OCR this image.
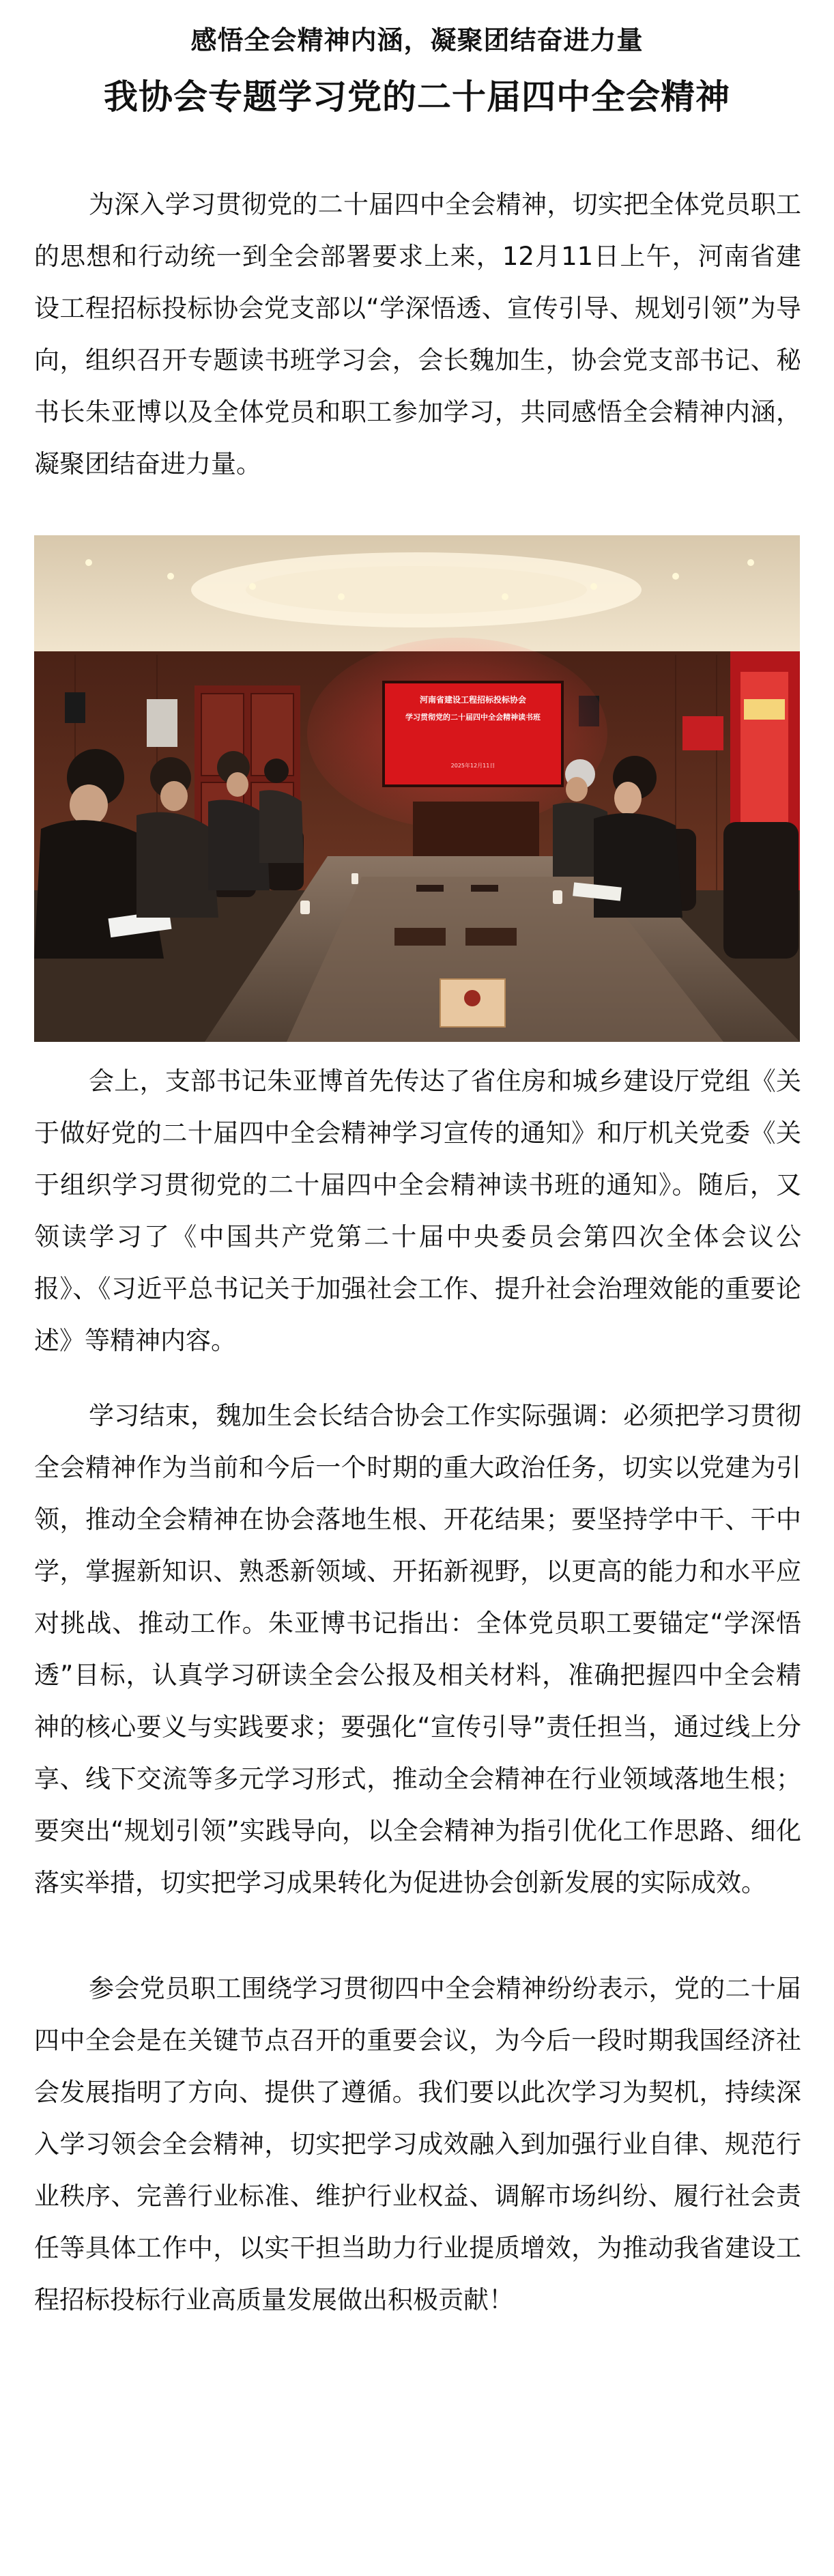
感悟全会精神内涵，凝聚团结奋进力量
我协会专题学习党的二十届四中全会精神

为深入学习贯彻党的二十届四中全会精神，切实把全体党员职工的思想和行动统一到全会部署要求上来，12月11日上午，河南省建设工程招标投标协会党支部以“学深悟透、宣传引导、规划引领”为导向，组织召开专题读书班学习会，会长魏加生，协会党支部书记、秘书长朱亚博以及全体党员和职工参加学习，共同感悟全会精神内涵，凝聚团结奋进力量。

河南省建设工程招标投标协会
学习贯彻党的二十届四中全会精神读书班
2025年12月11日

会上，支部书记朱亚博首先传达了省住房和城乡建设厅党组《关于做好党的二十届四中全会精神学习宣传的通知》和厅机关党委《关于组织学习贯彻党的二十届四中全会精神读书班的通知》。随后，又领读学习了《中国共产党第二十届中央委员会第四次全体会议公报》、《习近平总书记关于加强社会工作、提升社会治理效能的重要论述》等精神内容。

学习结束，魏加生会长结合协会工作实际强调：必须把学习贯彻全会精神作为当前和今后一个时期的重大政治任务，切实以党建为引领，推动全会精神在协会落地生根、开花结果；要坚持学中干、干中学，掌握新知识、熟悉新领域、开拓新视野，以更高的能力和水平应对挑战、推动工作。朱亚博书记指出：全体党员职工要锚定“学深悟透”目标，认真学习研读全会公报及相关材料，准确把握四中全会精神的核心要义与实践要求；要强化“宣传引导”责任担当，通过线上分享、线下交流等多元学习形式，推动全会精神在行业领域落地生根；要突出“规划引领”实践导向，以全会精神为指引优化工作思路、细化落实举措，切实把学习成果转化为促进协会创新发展的实际成效。

参会党员职工围绕学习贯彻四中全会精神纷纷表示，党的二十届四中全会是在关键节点召开的重要会议，为今后一段时期我国经济社会发展指明了方向、提供了遵循。我们要以此次学习为契机，持续深入学习领会全会精神，切实把学习成效融入到加强行业自律、规范行业秩序、完善行业标准、维护行业权益、调解市场纠纷、履行社会责任等具体工作中，以实干担当助力行业提质增效，为推动我省建设工程招标投标行业高质量发展做出积极贡献！
